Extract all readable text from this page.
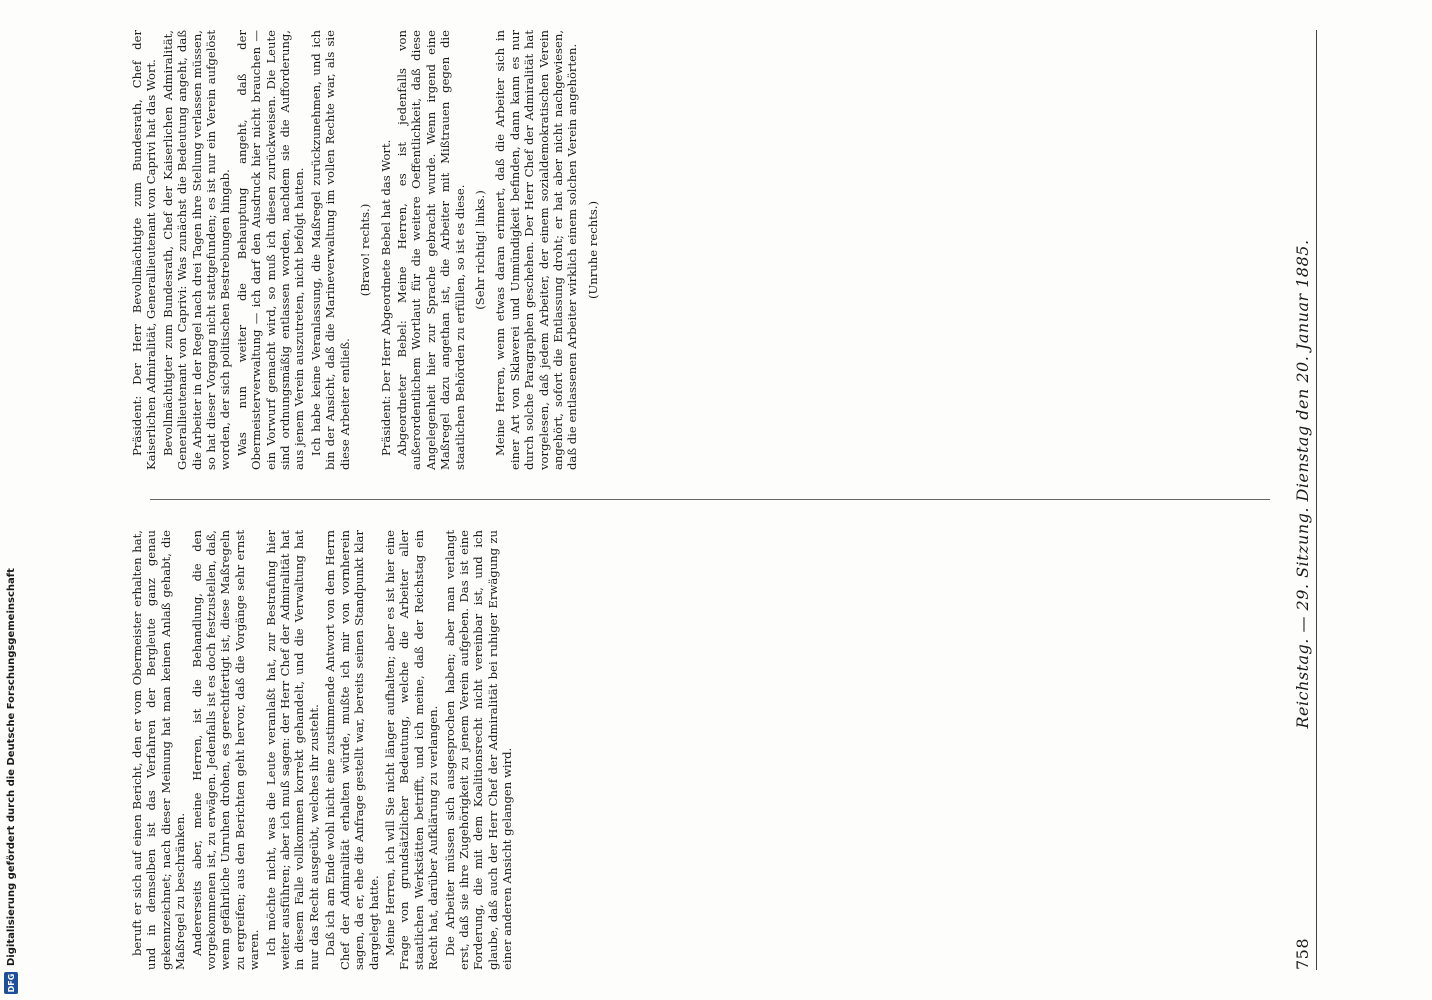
DFG
Digitalisierung gefördert durch die Deutsche Forschungsgemeinschaft	758
Reichstag. — 29. Sitzung. Dienstag den 20. Januar 1885.

beruft er sich auf einen Bericht, den er vom Obermeister erhalten hat, und in demselben ist das Verfahren der Bergleute ganz genau gekennzeichnet; nach dieser Meinung hat man keinen Anlaß gehabt, die Maßregel zu beschränken. Andererseits aber, meine Herren, ist die Behandlung, die den vorgekommenen ist, zu erwägen. Jedenfalls ist es doch festzustellen, daß, wenn gefährliche Unruhen drohen, es gerechtfertigt ist, diese Maßregeln zu ergreifen; aus den Berichten geht hervor, daß die Vorgänge sehr ernst waren. Ich möchte nicht, was die Leute veranlaßt hat, zur Bestrafung hier weiter ausführen; aber ich muß sagen: der Herr Chef der Admiralität hat in diesem Falle vollkommen korrekt gehandelt, und die Verwaltung hat nur das Recht ausgeübt, welches ihr zusteht. Daß ich am Ende wohl nicht eine zustimmende Antwort von dem Herrn Chef der Admiralität erhalten würde, mußte ich mir von vornherein sagen, da er, ehe die Anfrage gestellt war, bereits seinen Standpunkt klar dargelegt hatte. Meine Herren, ich will Sie nicht länger aufhalten; aber es ist hier eine Frage von grundsätzlicher Bedeutung, welche die Arbeiter aller staatlichen Werkstätten betrifft, und ich meine, daß der Reichstag ein Recht hat, darüber Aufklärung zu verlangen. Die Arbeiter müssen sich ausgesprochen haben; aber man verlangt erst, daß sie ihre Zugehörigkeit zu jenem Verein aufgeben. Das ist eine Forderung, die mit dem Koalitionsrecht nicht vereinbar ist, und ich glaube, daß auch der Herr Chef der Admiralität bei ruhiger Erwägung zu einer anderen Ansicht gelangen wird.

Präsident: Der Herr Bevollmächtigte zum Bundesrath, Chef der Kaiserlichen Admiralität, Generallieutenant von Caprivi hat das Wort. Bevollmächtigter zum Bundesrath, Chef der Kaiserlichen Admiralität, Generallieutenant von Caprivi: Was zunächst die Bedeutung angeht, daß die Arbeiter in der Regel nach drei Tagen ihre Stellung verlassen müssen, so hat dieser Vorgang nicht stattgefunden; es ist nur ein Verein aufgelöst worden, der sich politischen Bestrebungen hingab. Was nun weiter die Behauptung angeht, daß der Obermeisterverwaltung — ich darf den Ausdruck hier nicht brauchen — ein Vorwurf gemacht wird, so muß ich diesen zurückweisen. Die Leute sind ordnungsmäßig entlassen worden, nachdem sie die Aufforderung, aus jenem Verein auszutreten, nicht befolgt hatten. Ich habe keine Veranlassung, die Maßregel zurückzunehmen, und ich bin der Ansicht, daß die Marineverwaltung im vollen Rechte war, als sie diese Arbeiter entließ.

(Bravo! rechts.) Präsident: Der Herr Abgeordnete Bebel hat das Wort. Abgeordneter Bebel: Meine Herren, es ist jedenfalls von außerordentlichem Wortlaut für die weitere Oeffentlichkeit, daß diese Angelegenheit hier zur Sprache gebracht wurde. Wenn irgend eine Maßregel dazu angethan ist, die Arbeiter mit Mißtrauen gegen die staatlichen Behörden zu erfüllen, so ist es diese. (Sehr richtig! links.) Meine Herren, wenn etwas daran erinnert, daß die Arbeiter sich in einer Art von Sklaverei und Unmündigkeit befinden, dann kann es nur durch solche Paragraphen geschehen. Der Herr Chef der Admiralität hat vorgelesen, daß jedem Arbeiter, der einem sozialdemokratischen Verein angehört, sofort die Entlassung droht; er hat aber nicht nachgewiesen, daß die entlassenen Arbeiter wirklich einem solchen Verein angehörten. (Unruhe rechts.)
